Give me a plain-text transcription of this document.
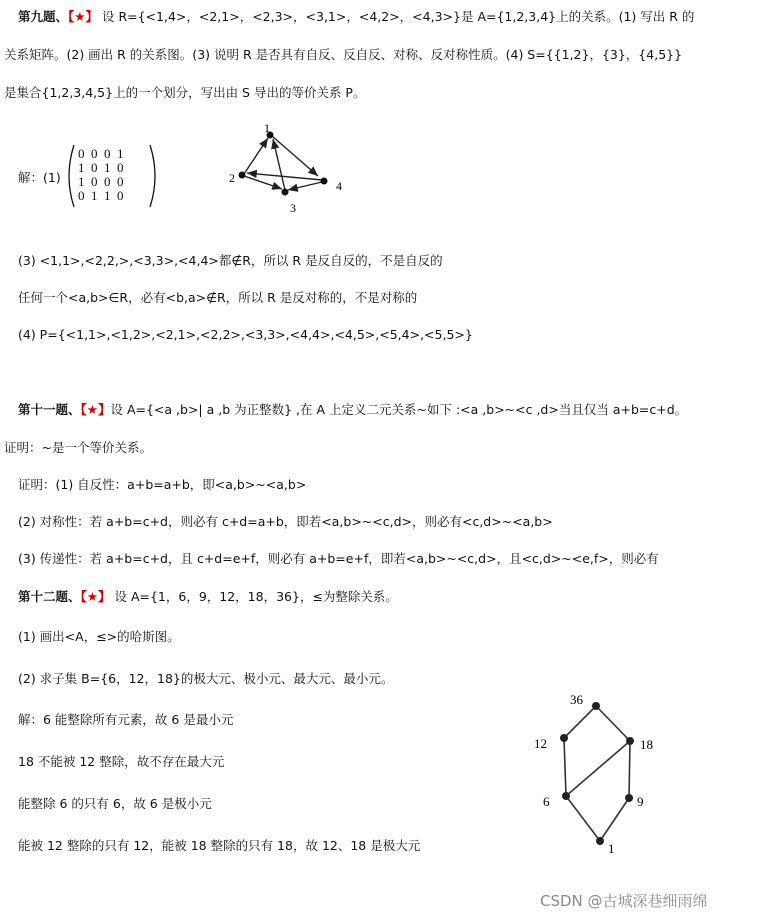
第九题、【★】 设 R={<1,4>，<2,1>，<2,3>，<3,1>，<4,2>，<4,3>}是 A={1,2,3,4}上的关系。(1) 写出 R 的
关系矩阵。(2) 画出 R 的关系图。(3) 说明 R 是否具有自反、反自反、对称、反对称性质。(4) S={{1,2}，{3}，{4,5}}
是集合{1,2,3,4,5}上的一个划分，写出由 S 导出的等价关系 P。
解：(1)
0  0  0  1
1  0  1  0
1  0  0  0
0  1  1  0
1
2
3
4
(3) <1,1>,<2,2,>,<3,3>,<4,4>都∉R，所以 R 是反自反的，不是自反的
任何一个<a,b>∈R，必有<b,a>∉R，所以 R 是反对称的，不是对称的
(4) P={<1,1>,<1,2>,<2,1>,<2,2>,<3,3>,<4,4>,<4,5>,<5,4>,<5,5>}
第十一题、【★】设 A={<a ,b>| a ,b 为正整数} ,在 A 上定义二元关系~如下 :<a ,b>~<c ,d>当且仅当 a+b=c+d。
证明：~是一个等价关系。
证明：(1) 自反性：a+b=a+b，即<a,b>~<a,b>
(2) 对称性：若 a+b=c+d，则必有 c+d=a+b，即若<a,b>~<c,d>，则必有<c,d>~<a,b>
(3) 传递性：若 a+b=c+d，且 c+d=e+f，则必有 a+b=e+f，即若<a,b>~<c,d>，且<c,d>~<e,f>，则必有
第十二题、【★】 设 A={1，6，9，12，18，36}，≤为整除关系。
(1) 画出<A，≤>的哈斯图。
(2) 求子集 B={6，12，18}的极大元、极小元、最大元、最小元。
解：6 能整除所有元素，故 6 是最小元
18 不能被 12 整除，故不存在最大元
能整除 6 的只有 6，故 6 是极小元
能被 12 整除的只有 12，能被 18 整除的只有 18，故 12、18 是极大元
36
12	18
6	9
1
CSDN @古城深巷细雨绵
